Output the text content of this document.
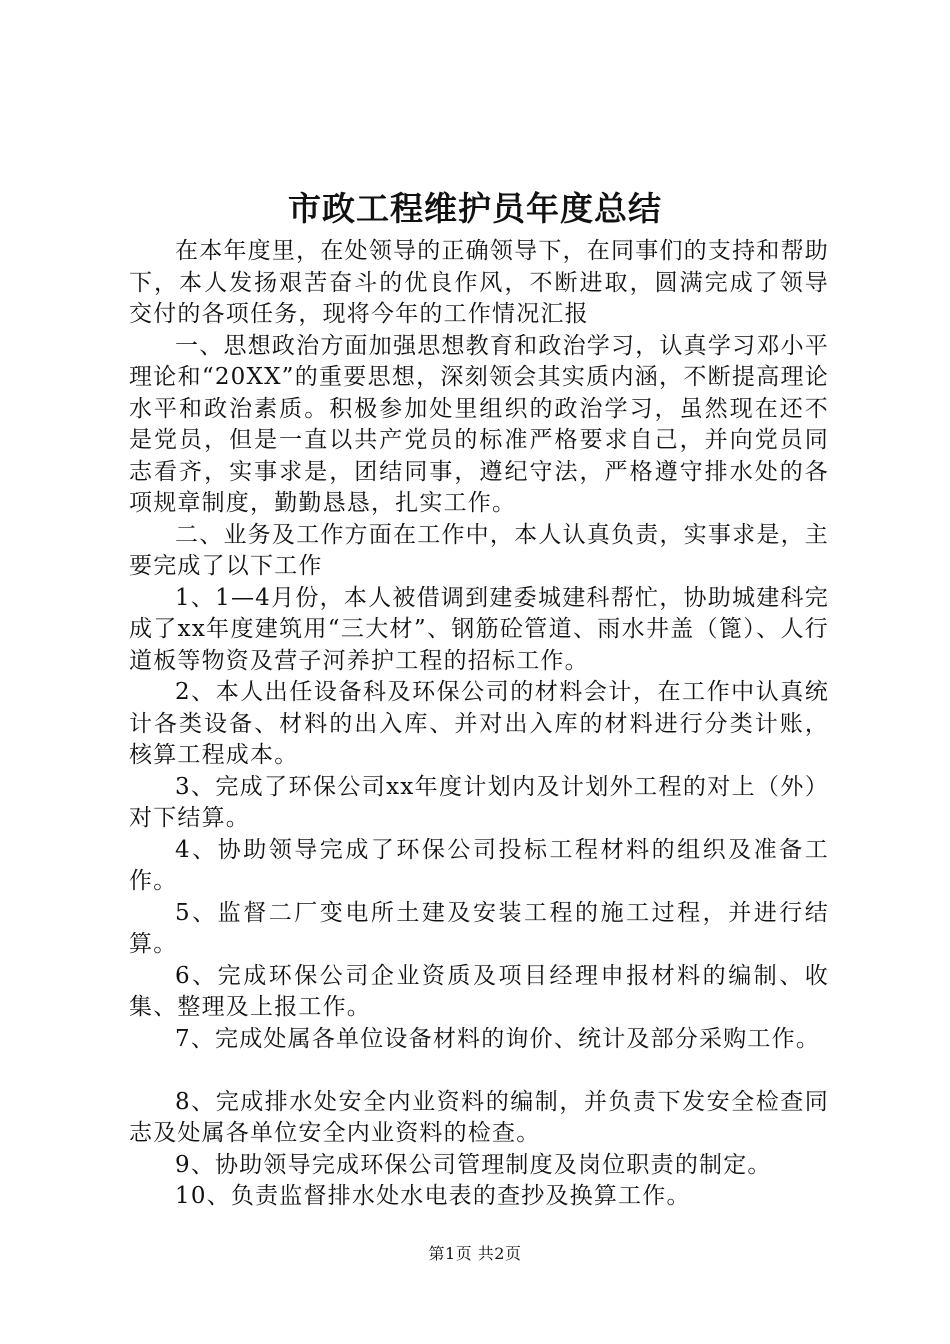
市政工程维护员年度总结

在本年度里，在处领导的正确领导下，在同事们的支持和帮助下，本人发扬艰苦奋斗的优良作风，不断进取，圆满完成了领导交付的各项任务，现将今年的工作情况汇报

一、思想政治方面加强思想教育和政治学习，认真学习邓小平理论和“20XX”的重要思想，深刻领会其实质内涵，不断提高理论水平和政治素质。积极参加处里组织的政治学习，虽然现在还不是党员，但是一直以共产党员的标准严格要求自己，并向党员同志看齐，实事求是，团结同事，遵纪守法，严格遵守排水处的各项规章制度，勤勤恳恳，扎实工作。

二、业务及工作方面在工作中，本人认真负责，实事求是，主要完成了以下工作

1、1—4月份，本人被借调到建委城建科帮忙，协助城建科完成了xx年度建筑用“三大材”、钢筋砼管道、雨水井盖（篦）、人行道板等物资及营子河养护工程的招标工作。

2、本人出任设备科及环保公司的材料会计，在工作中认真统计各类设备、材料的出入库、并对出入库的材料进行分类计账，核算工程成本。

3、完成了环保公司xx年度计划内及计划外工程的对上（外）对下结算。

4、协助领导完成了环保公司投标工程材料的组织及准备工作。

5、监督二厂变电所土建及安装工程的施工过程，并进行结算。

6、完成环保公司企业资质及项目经理申报材料的编制、收集、整理及上报工作。

7、完成处属各单位设备材料的询价、统计及部分采购工作。

8、完成排水处安全内业资料的编制，并负责下发安全检查同志及处属各单位安全内业资料的检查。

9、协助领导完成环保公司管理制度及岗位职责的制定。

10、负责监督排水处水电表的查抄及换算工作。

第1页 共2页
